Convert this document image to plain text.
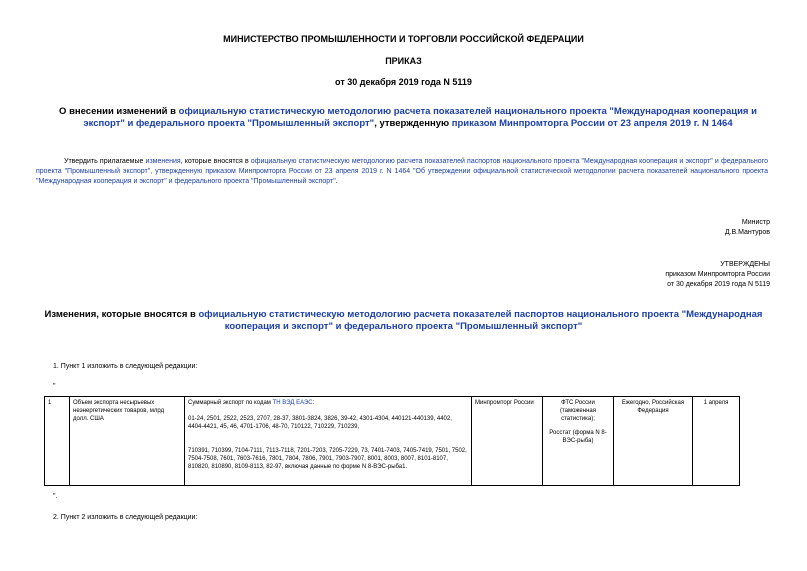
МИНИСТЕРСТВО ПРОМЫШЛЕННОСТИ И ТОРГОВЛИ РОССИЙСКОЙ ФЕДЕРАЦИИ
ПРИКАЗ
от 30 декабря 2019 года N 5119
О внесении изменений в официальную статистическую методологию расчета показателей национального проекта "Международная кооперация и экспорт" и федерального проекта "Промышленный экспорт", утвержденную приказом Минпромторга России от 23 апреля 2019 г. N 1464
Утвердить прилагаемые изменения, которые вносятся в официальную статистическую методологию расчета показателей паспортов национального проекта "Международная кооперация и экспорт" и федерального проекта "Промышленный экспорт", утвержденную приказом Минпромторга России от 23 апреля 2019 г. N 1464 "Об утверждении официальной статистической методологии расчета показателей национального проекта "Международная кооперация и экспорт" и федерального проекта "Промышленный экспорт".
Министр
Д.В.Мантуров
УТВЕРЖДЕНЫ
приказом Минпромторга России
от 30 декабря 2019 года N 5119
Изменения, которые вносятся в официальную статистическую методологию расчета показателей паспортов национального проекта "Международная кооперация и экспорт" и федерального проекта "Промышленный экспорт"
1. Пункт 1 изложить в следующей редакции:
"
1	Объем экспорта несырьевых неэнергетических товаров, млрд долл. США	
Суммарный экспорт по кодам ТН ВЭД ЕАЭС:
01-24, 2501, 2522, 2523, 2707, 28-37, 3801-3824, 3826, 39-42, 4301-4304, 440121-440139, 4402, 4404-4421, 45, 46, 4701-1706, 48-70, 710122, 710229, 710239,
710391, 710399, 7104-7111, 7113-7118, 7201-7203, 7205-7229, 73, 7401-7403, 7405-7419, 7501, 7502, 7504-7508, 7601, 7603-7616, 7801, 7804, 7806, 7901, 7903-7907, 8001, 8003, 8007, 8101-8107, 810820, 810890, 8109-8113, 82-97, включая данные по форме N 8-ВЭС-рыба1.
	Минпромторг России	ФТС России (таможенная статистика);
Росстат (форма N 8-ВЭС-рыба)
	Ежегодно, Российская Федерация	1 апреля
".
2. Пункт 2 изложить в следующей редакции:
